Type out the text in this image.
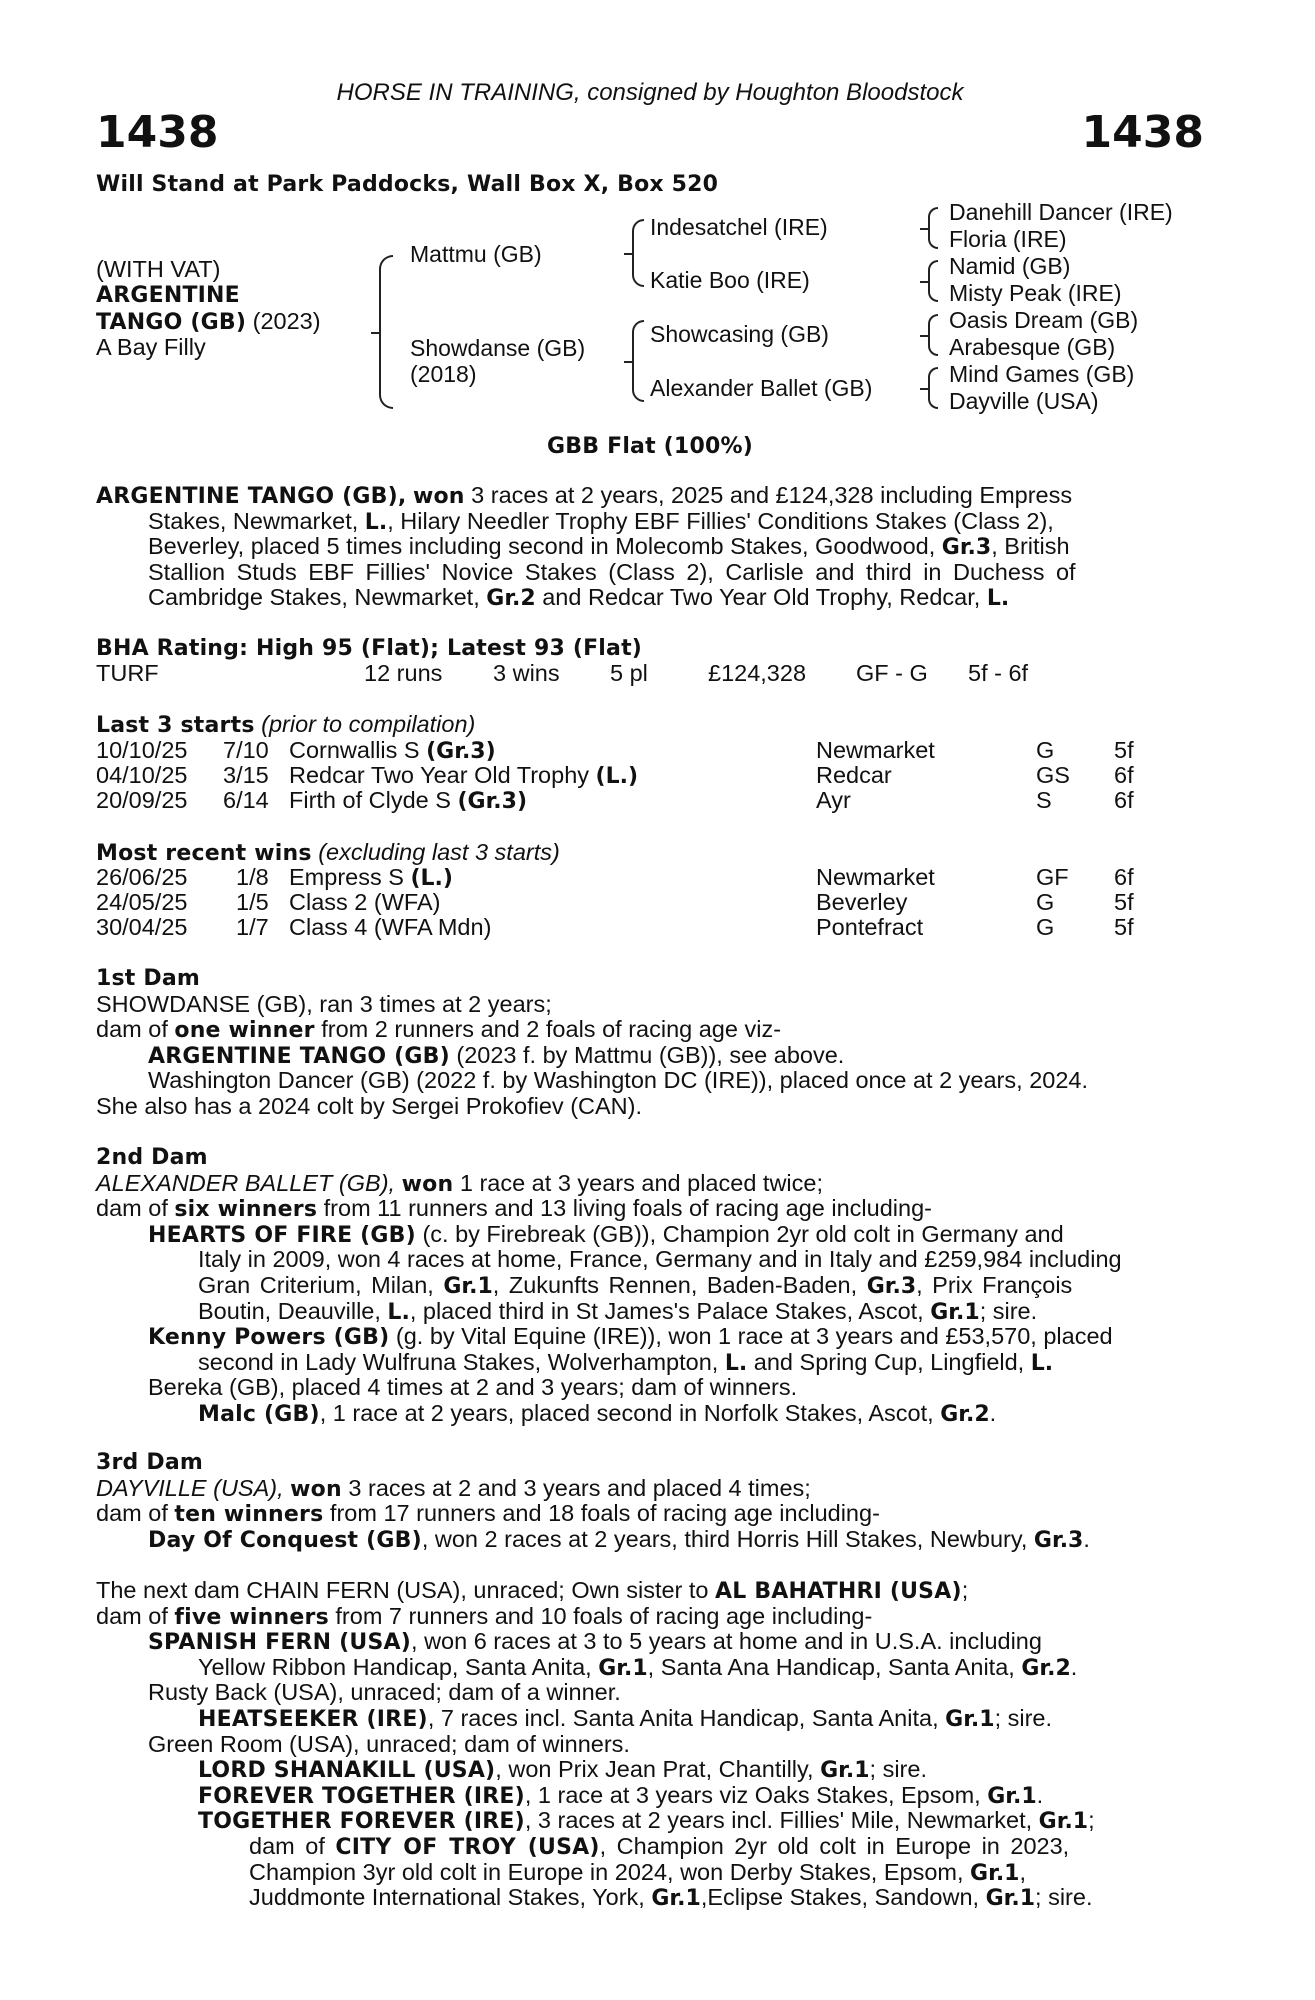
HORSE IN TRAINING, consigned by Houghton Bloodstock
1438	1438
Will Stand at Park Paddocks, Wall Box X, Box 520
(WITH VAT)
ARGENTINE
TANGO (GB) (2023)
A Bay Filly
Mattmu (GB)
Showdanse (GB)
(2018)
Indesatchel (IRE)
Katie Boo (IRE)
Showcasing (GB)
Alexander Ballet (GB)
Danehill Dancer (IRE)
Floria (IRE)
Namid (GB)
Misty Peak (IRE)
Oasis Dream (GB)
Arabesque (GB)
Mind Games (GB)
Dayville (USA)
GBB Flat (100%)
ARGENTINE TANGO (GB), won 3 races at 2 years, 2025 and £124,328 including Empress
Stakes, Newmarket, L., Hilary Needler Trophy EBF Fillies' Conditions Stakes (Class 2),
Beverley, placed 5 times including second in Molecomb Stakes, Goodwood, Gr.3, British
Stallion Studs EBF Fillies' Novice Stakes (Class 2), Carlisle and third in Duchess of
Cambridge Stakes, Newmarket, Gr.2 and Redcar Two Year Old Trophy, Redcar, L.
BHA Rating: High 95 (Flat); Latest 93 (Flat)
TURF	12 runs 3 wins 5 pl	£124,328 GF - G 5f - 6f
Last 3 starts (prior to compilation)
10/10/25 7/10 Cornwallis S (Gr.3)	Newmarket	G	5f
04/10/25 3/15 Redcar Two Year Old Trophy (L.)	Redcar	GS 6f
20/09/25 6/14 Firth of Clyde S (Gr.3)	Ayr	S	6f
Most recent wins (excluding last 3 starts)
26/06/25 1/8 Empress S (L.)	Newmarket	GF 6f
24/05/25 1/5 Class 2 (WFA)	Beverley	G	5f
30/04/25 1/7 Class 4 (WFA Mdn)	Pontefract	G	5f
1st Dam
SHOWDANSE (GB), ran 3 times at 2 years;
dam of one winner from 2 runners and 2 foals of racing age viz-
ARGENTINE TANGO (GB) (2023 f. by Mattmu (GB)), see above.
Washington Dancer (GB) (2022 f. by Washington DC (IRE)), placed once at 2 years, 2024.
She also has a 2024 colt by Sergei Prokofiev (CAN).
2nd Dam
ALEXANDER BALLET (GB), won 1 race at 3 years and placed twice;
dam of six winners from 11 runners and 13 living foals of racing age including-
HEARTS OF FIRE (GB) (c. by Firebreak (GB)), Champion 2yr old colt in Germany and
Italy in 2009, won 4 races at home, France, Germany and in Italy and £259,984 including
Gran Criterium, Milan, Gr.1, Zukunfts Rennen, Baden-Baden, Gr.3, Prix François
Boutin, Deauville, L., placed third in St James's Palace Stakes, Ascot, Gr.1; sire.
Kenny Powers (GB) (g. by Vital Equine (IRE)), won 1 race at 3 years and £53,570, placed
second in Lady Wulfruna Stakes, Wolverhampton, L. and Spring Cup, Lingfield, L.
Bereka (GB), placed 4 times at 2 and 3 years; dam of winners.
Malc (GB), 1 race at 2 years, placed second in Norfolk Stakes, Ascot, Gr.2.
3rd Dam
DAYVILLE (USA), won 3 races at 2 and 3 years and placed 4 times;
dam of ten winners from 17 runners and 18 foals of racing age including-
Day Of Conquest (GB), won 2 races at 2 years, third Horris Hill Stakes, Newbury, Gr.3.
The next dam CHAIN FERN (USA), unraced; Own sister to AL BAHATHRI (USA);
dam of five winners from 7 runners and 10 foals of racing age including-
SPANISH FERN (USA), won 6 races at 3 to 5 years at home and in U.S.A. including
Yellow Ribbon Handicap, Santa Anita, Gr.1, Santa Ana Handicap, Santa Anita, Gr.2.
Rusty Back (USA), unraced; dam of a winner.
HEATSEEKER (IRE), 7 races incl. Santa Anita Handicap, Santa Anita, Gr.1; sire.
Green Room (USA), unraced; dam of winners.
LORD SHANAKILL (USA), won Prix Jean Prat, Chantilly, Gr.1; sire.
FOREVER TOGETHER (IRE), 1 race at 3 years viz Oaks Stakes, Epsom, Gr.1.
TOGETHER FOREVER (IRE), 3 races at 2 years incl. Fillies' Mile, Newmarket, Gr.1;
dam of CITY OF TROY (USA), Champion 2yr old colt in Europe in 2023,
Champion 3yr old colt in Europe in 2024, won Derby Stakes, Epsom, Gr.1,
Juddmonte International Stakes, York, Gr.1,Eclipse Stakes, Sandown, Gr.1; sire.
